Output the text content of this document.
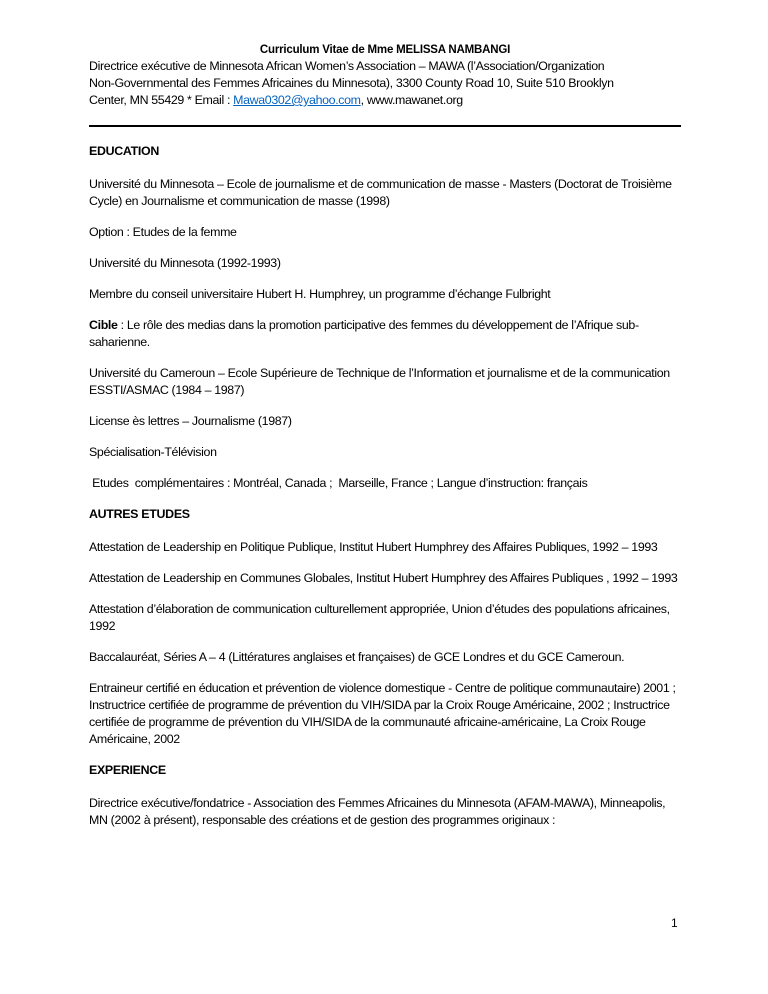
Curriculum Vitae de Mme MELISSA NAMBANGI
Directrice exécutive de Minnesota African Women’s Association – MAWA (l’Association/Organization
Non-Governmental des Femmes Africaines du Minnesota), 3300 County Road 10, Suite 510 Brooklyn
Center, MN 55429 * Email : Mawa0302@yahoo.com, www.mawanet.org
EDUCATION
Université du Minnesota – Ecole de journalisme et de communication de masse - Masters (Doctorat de Troisième Cycle) en Journalisme et communication de masse (1998)
Option : Etudes de la femme
Université du Minnesota (1992-1993)
Membre du conseil universitaire Hubert H. Humphrey, un programme d’échange Fulbright
Cible : Le rôle des medias dans la promotion participative des femmes du développement de l’Afrique sub-saharienne.
Université du Cameroun – Ecole Supérieure de Technique de l’Information et journalisme et de la communication ESSTI/ASMAC (1984 – 1987)
License ès lettres – Journalisme (1987)
Spécialisation-Télévision
Etudes  complémentaires : Montréal, Canada ;  Marseille, France ; Langue d’instruction: français
AUTRES ETUDES
Attestation de Leadership en Politique Publique, Institut Hubert Humphrey des Affaires Publiques, 1992 – 1993
Attestation de Leadership en Communes Globales, Institut Hubert Humphrey des Affaires Publiques , 1992 – 1993
Attestation d’élaboration de communication culturellement appropriée, Union d’études des populations africaines, 1992
Baccalauréat, Séries A – 4 (Littératures anglaises et françaises) de GCE Londres et du GCE Cameroun.
Entraineur certifié en éducation et prévention de violence domestique - Centre de politique communautaire) 2001 ; Instructrice certifiée de programme de prévention du VIH/SIDA par la Croix Rouge Américaine, 2002 ; Instructrice certifiée de programme de prévention du VIH/SIDA de la communauté africaine-américaine, La Croix Rouge Américaine, 2002
EXPERIENCE
Directrice exécutive/fondatrice - Association des Femmes Africaines du Minnesota (AFAM-MAWA), Minneapolis, MN (2002 à présent), responsable des créations et de gestion des programmes originaux :
1
